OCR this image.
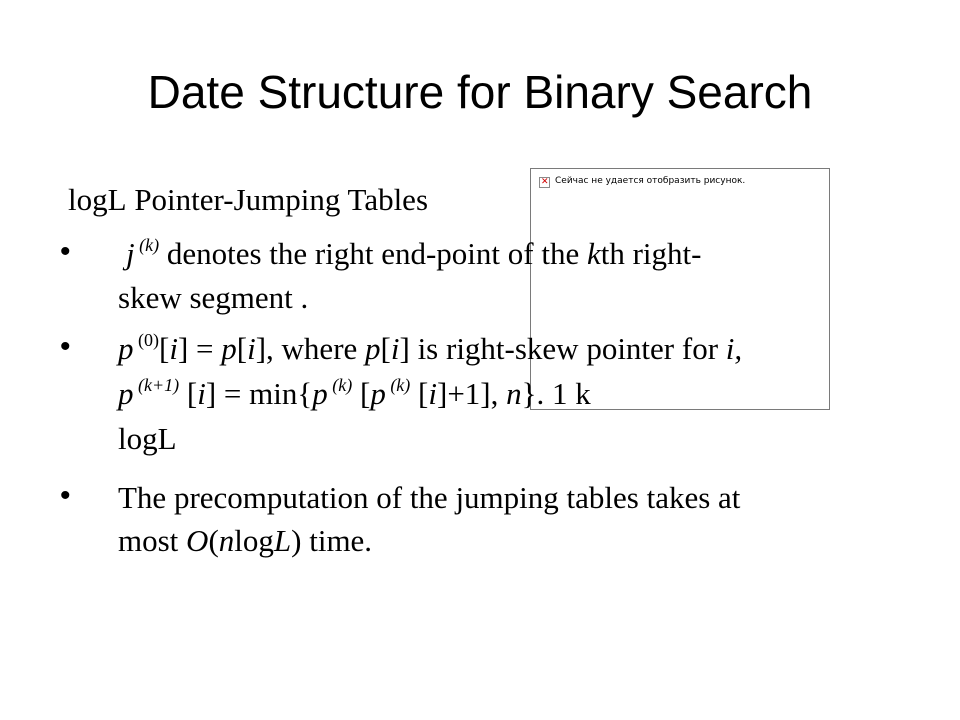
Date Structure for Binary Search
✕ Сейчас не удается отобразить рисунок.
logL Pointer-Jumping Tables
• j $^{(k)}$ denotes the right end-point of the kth right-
skew segment .
• p $^{(0)}$[i] = p[i], where p[i] is right-skew pointer for i,
p $^{(k+1)}$ [i] = min{p $^{(k)}$ [p $^{(k)}$ [i]+1], n}. 1 k
logL
• The precomputation of the jumping tables takes at
most O(nlogL) time.
